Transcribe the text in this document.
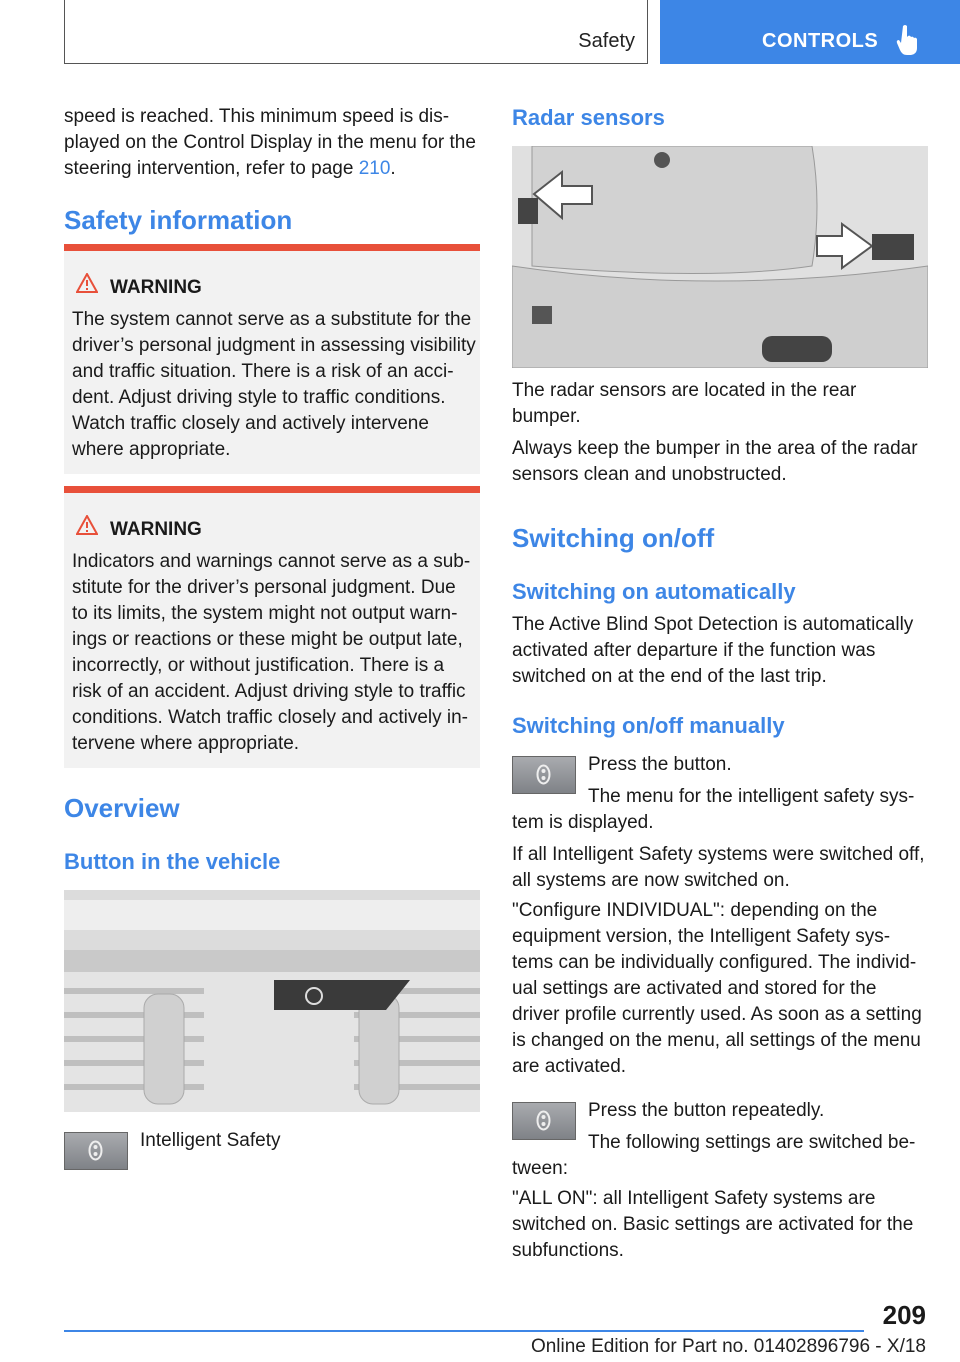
Safety	CONTROLS

speed is reached. This minimum speed is dis-

played on the Control Display in the menu for the

steering intervention, refer to page 210.

Safety information
WARNING

The system cannot serve as a substitute for the

driver’s personal judgment in assessing visibility

and traffic situation. There is a risk of an acci-

dent. Adjust driving style to traffic conditions.

Watch traffic closely and actively intervene

where appropriate.

WARNING

Indicators and warnings cannot serve as a sub-

stitute for the driver’s personal judgment. Due

to its limits, the system might not output warn-

ings or reactions or these might be output late,

incorrectly, or without justification. There is a

risk of an accident. Adjust driving style to traffic

conditions. Watch traffic closely and actively in-

tervene where appropriate.

Overview
Button in the vehicle
Intelligent Safety
Radar sensors

The radar sensors are located in the rear

bumper.

Always keep the bumper in the area of the radar

sensors clean and unobstructed.

Switching on/off
Switching on automatically

The Active Blind Spot Detection is automatically

activated after departure if the function was

switched on at the end of the last trip.

Switching on/off manually
Press the button.
The menu for the intelligent safety sys-
tem is displayed.

If all Intelligent Safety systems were switched off,

all systems are now switched on.

"Configure INDIVIDUAL": depending on the

equipment version, the Intelligent Safety sys-

tems can be individually configured. The individ-

ual settings are activated and stored for the

driver profile currently used. As soon as a setting

is changed on the menu, all settings of the menu

are activated.

Press the button repeatedly.
The following settings are switched be-
tween:

"ALL ON": all Intelligent Safety systems are

switched on. Basic settings are activated for the

subfunctions.

209
Online Edition for Part no. 01402896796 - X/18
